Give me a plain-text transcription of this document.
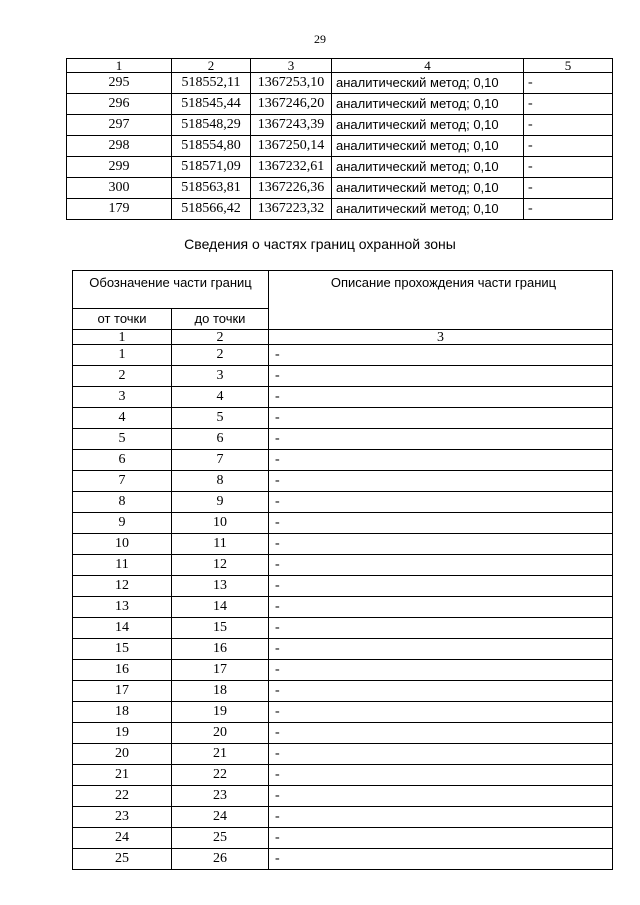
29
1	2	3	4	5
295	518552,11	1367253,10	аналитический метод; 0,10	-
296	518545,44	1367246,20	аналитический метод; 0,10	-
297	518548,29	1367243,39	аналитический метод; 0,10	-
298	518554,80	1367250,14	аналитический метод; 0,10	-
299	518571,09	1367232,61	аналитический метод; 0,10	-
300	518563,81	1367226,36	аналитический метод; 0,10	-
179	518566,42	1367223,32	аналитический метод; 0,10	-
Сведения о частях границ охранной зоны
Обозначение части границ		Описание прохождения части границ
от точки	до точки	
1	2	3
1	2	-
2	3	-
3	4	-
4	5	-
5	6	-
6	7	-
7	8	-
8	9	-
9	10	-
10	11	-
11	12	-
12	13	-
13	14	-
14	15	-
15	16	-
16	17	-
17	18	-
18	19	-
19	20	-
20	21	-
21	22	-
22	23	-
23	24	-
24	25	-
25	26	-
